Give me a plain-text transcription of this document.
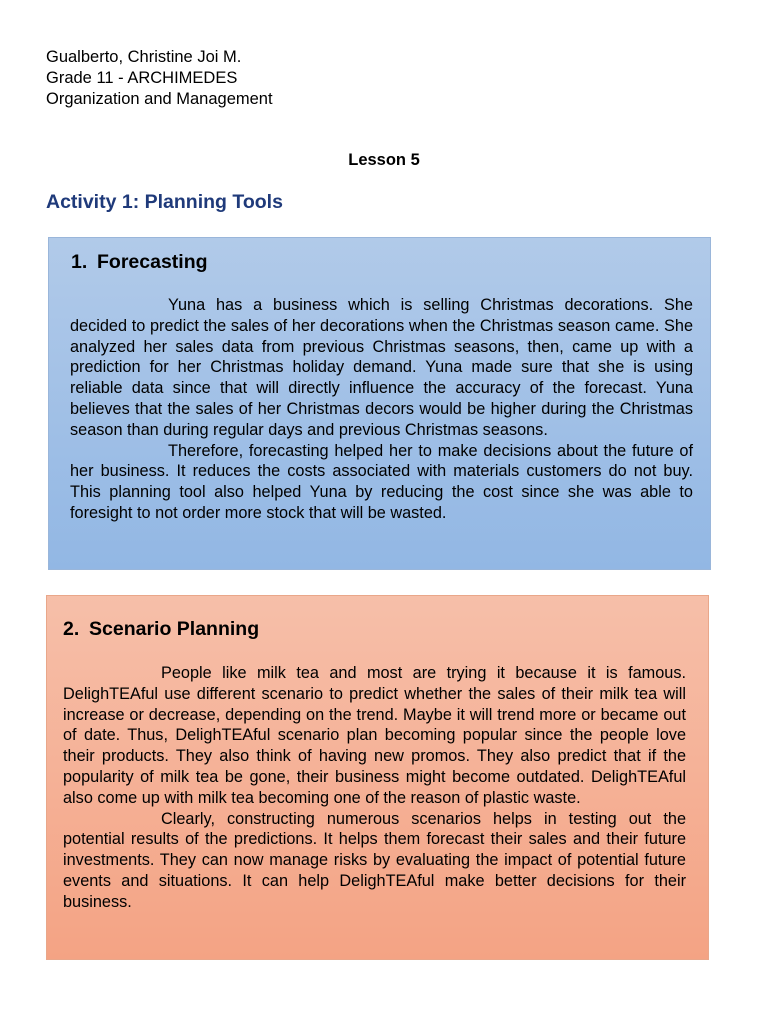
Gualberto, Christine Joi M.
Grade 11 - ARCHIMEDES
Organization and Management
Lesson 5
Activity 1: Planning Tools
1. Forecasting

Yuna has a business which is selling Christmas decorations. She decided to predict the sales of her decorations when the Christmas season came. She analyzed her sales data from previous Christmas seasons, then, came up with a prediction for her Christmas holiday demand. Yuna made sure that she is using reliable data since that will directly influence the accuracy of the forecast. Yuna believes that the sales of her Christmas decors would be higher during the Christmas season than during regular days and previous Christmas seasons.

Therefore, forecasting helped her to make decisions about the future of her business. It reduces the costs associated with materials customers do not buy. This planning tool also helped Yuna by reducing the cost since she was able to foresight to not order more stock that will be wasted.

2. Scenario Planning

People like milk tea and most are trying it because it is famous. DelighTEAful use different scenario to predict whether the sales of their milk tea will increase or decrease, depending on the trend. Maybe it will trend more or became out of date. Thus, DelighTEAful scenario plan becoming popular since the people love their products. They also think of having new promos. They also predict that if the popularity of milk tea be gone, their business might become outdated. DelighTEAful also come up with milk tea becoming one of the reason of plastic waste.

Clearly, constructing numerous scenarios helps in testing out the potential results of the predictions. It helps them forecast their sales and their future investments. They can now manage risks by evaluating the impact of potential future events and situations. It can help DelighTEAful make better decisions for their business.
